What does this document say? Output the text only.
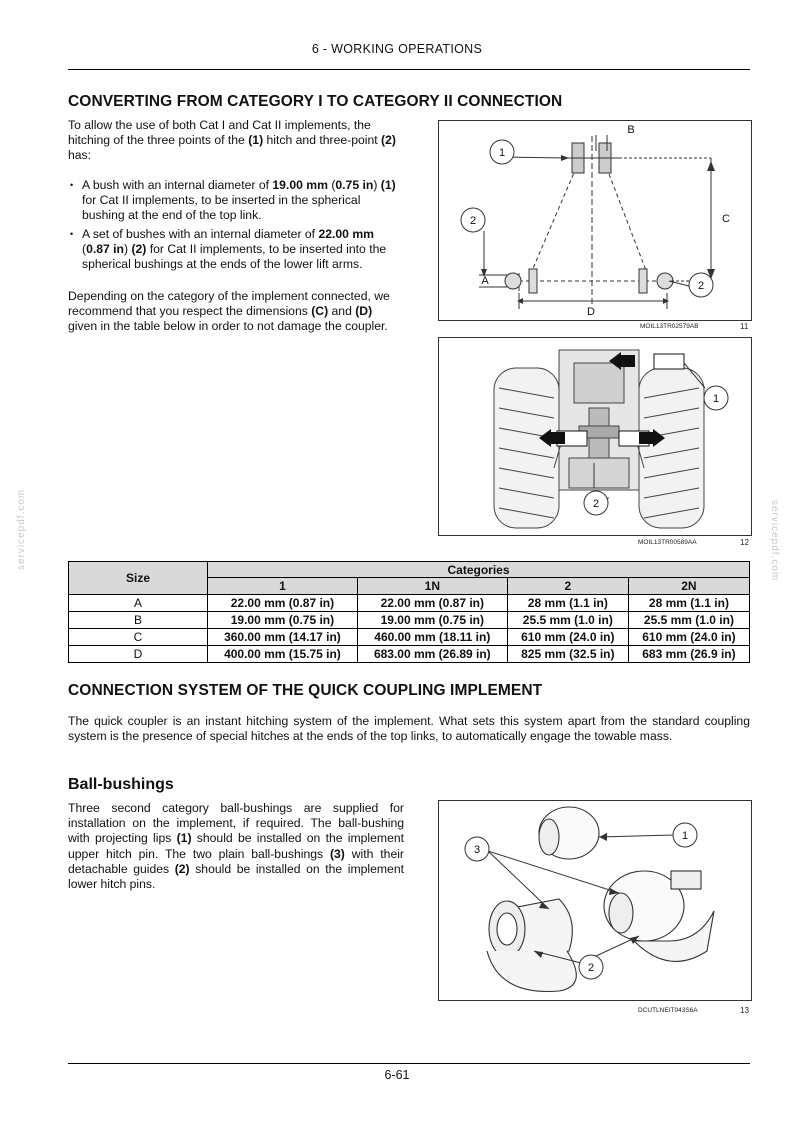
6 - WORKING OPERATIONS
CONVERTING FROM CATEGORY I TO CATEGORY II CONNECTION

To allow the use of both Cat I and Cat II implements, the hitching of the three points of the (1) hitch and three-point (2) has:

• A bush with an internal diameter of 19.00 mm (0.75 in) (1) for Cat II implements, to be inserted in the spherical bushing at the end of the top link.
• A set of bushes with an internal diameter of 22.00 mm (0.87 in) (2) for Cat II implements, to be inserted into the spherical bushings at the ends of the lower lift arms.

Depending on the category of the implement connected, we recommend that you respect the dimensions (C) and (D) given in the table below in order to not damage the coupler.

1
2
2
A
B
C
D
MOIL13TR02579AB	11
1
2
MOIL13TR00589AA	12
Size	Categories			
	1	1N	2	2N
A	22.00 mm (0.87 in)	22.00 mm (0.87 in)	28 mm (1.1 in)	28 mm (1.1 in)
B	19.00 mm (0.75 in)	19.00 mm (0.75 in)	25.5 mm (1.0 in)	25.5 mm (1.0 in)
C	360.00 mm (14.17 in)	460.00 mm (18.11 in)	610 mm (24.0 in)	610 mm (24.0 in)
D	400.00 mm (15.75 in)	683.00 mm (26.89 in)	825 mm (32.5 in)	683 mm (26.9 in)
CONNECTION SYSTEM OF THE QUICK COUPLING IMPLEMENT

The quick coupler is an instant hitching system of the implement. What sets this system apart from the standard coupling system is the presence of special hitches at the ends of the top links, to automatically engage the towable mass.

Ball-bushings

Three second category ball-bushings are supplied for installation on the implement, if required. The ball-bushing with projecting lips (1) should be installed on the implement upper hitch pin. The two plain ball-bushings (3) with their detachable guides (2) should be installed on the implement lower hitch pins.

3
1
2
DCUTLNEIT043S6A	13
servicepdf.com	servicepdf.com
6-61
